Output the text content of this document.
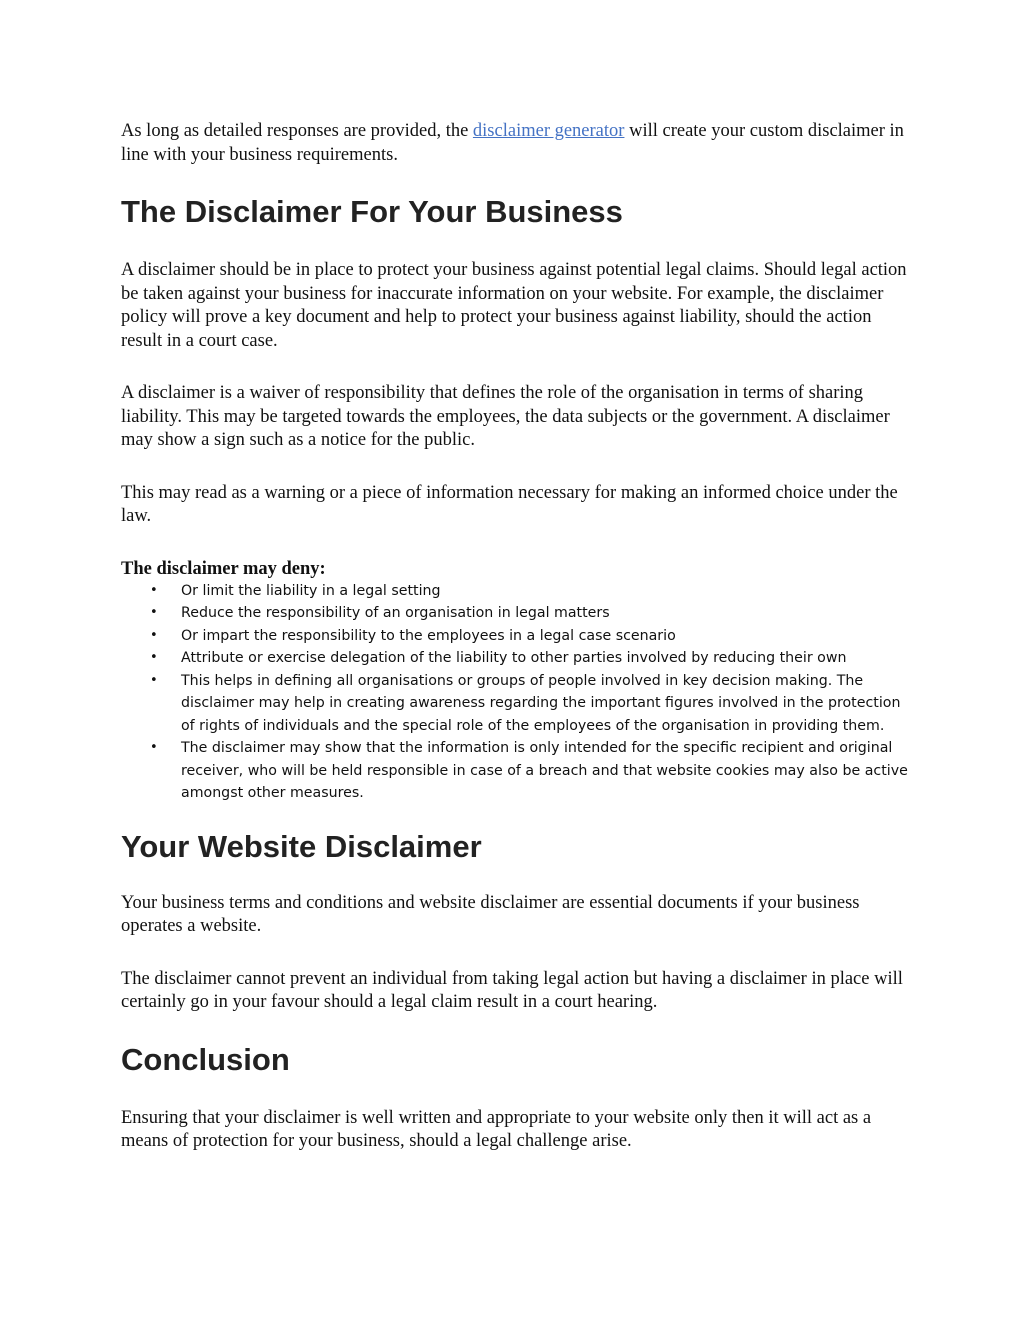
As long as detailed responses are provided, the disclaimer generator will create your custom disclaimer in line with your business requirements.

The Disclaimer For Your Business

A disclaimer should be in place to protect your business against potential legal claims. Should legal action be taken against your business for inaccurate information on your website. For example, the disclaimer policy will prove a key document and help to protect your business against liability, should the action result in a court case.

A disclaimer is a waiver of responsibility that defines the role of the organisation in terms of sharing liability. This may be targeted towards the employees, the data subjects or the government. A disclaimer may show a sign such as a notice for the public.

This may read as a warning or a piece of information necessary for making an informed choice under the law.

The disclaimer may deny:

• Or limit the liability in a legal setting
• Reduce the responsibility of an organisation in legal matters
• Or impart the responsibility to the employees in a legal case scenario
• Attribute or exercise delegation of the liability to other parties involved by reducing their own
• This helps in defining all organisations or groups of people involved in key decision making. The disclaimer may help in creating awareness regarding the important figures involved in the protection of rights of individuals and the special role of the employees of the organisation in providing them.
• The disclaimer may show that the information is only intended for the specific recipient and original receiver, who will be held responsible in case of a breach and that website cookies may also be active amongst other measures.
Your Website Disclaimer

Your business terms and conditions and website disclaimer are essential documents if your business operates a website.

The disclaimer cannot prevent an individual from taking legal action but having a disclaimer in place will certainly go in your favour should a legal claim result in a court hearing.

Conclusion

Ensuring that your disclaimer is well written and appropriate to your website only then it will act as a means of protection for your business, should a legal challenge arise.
